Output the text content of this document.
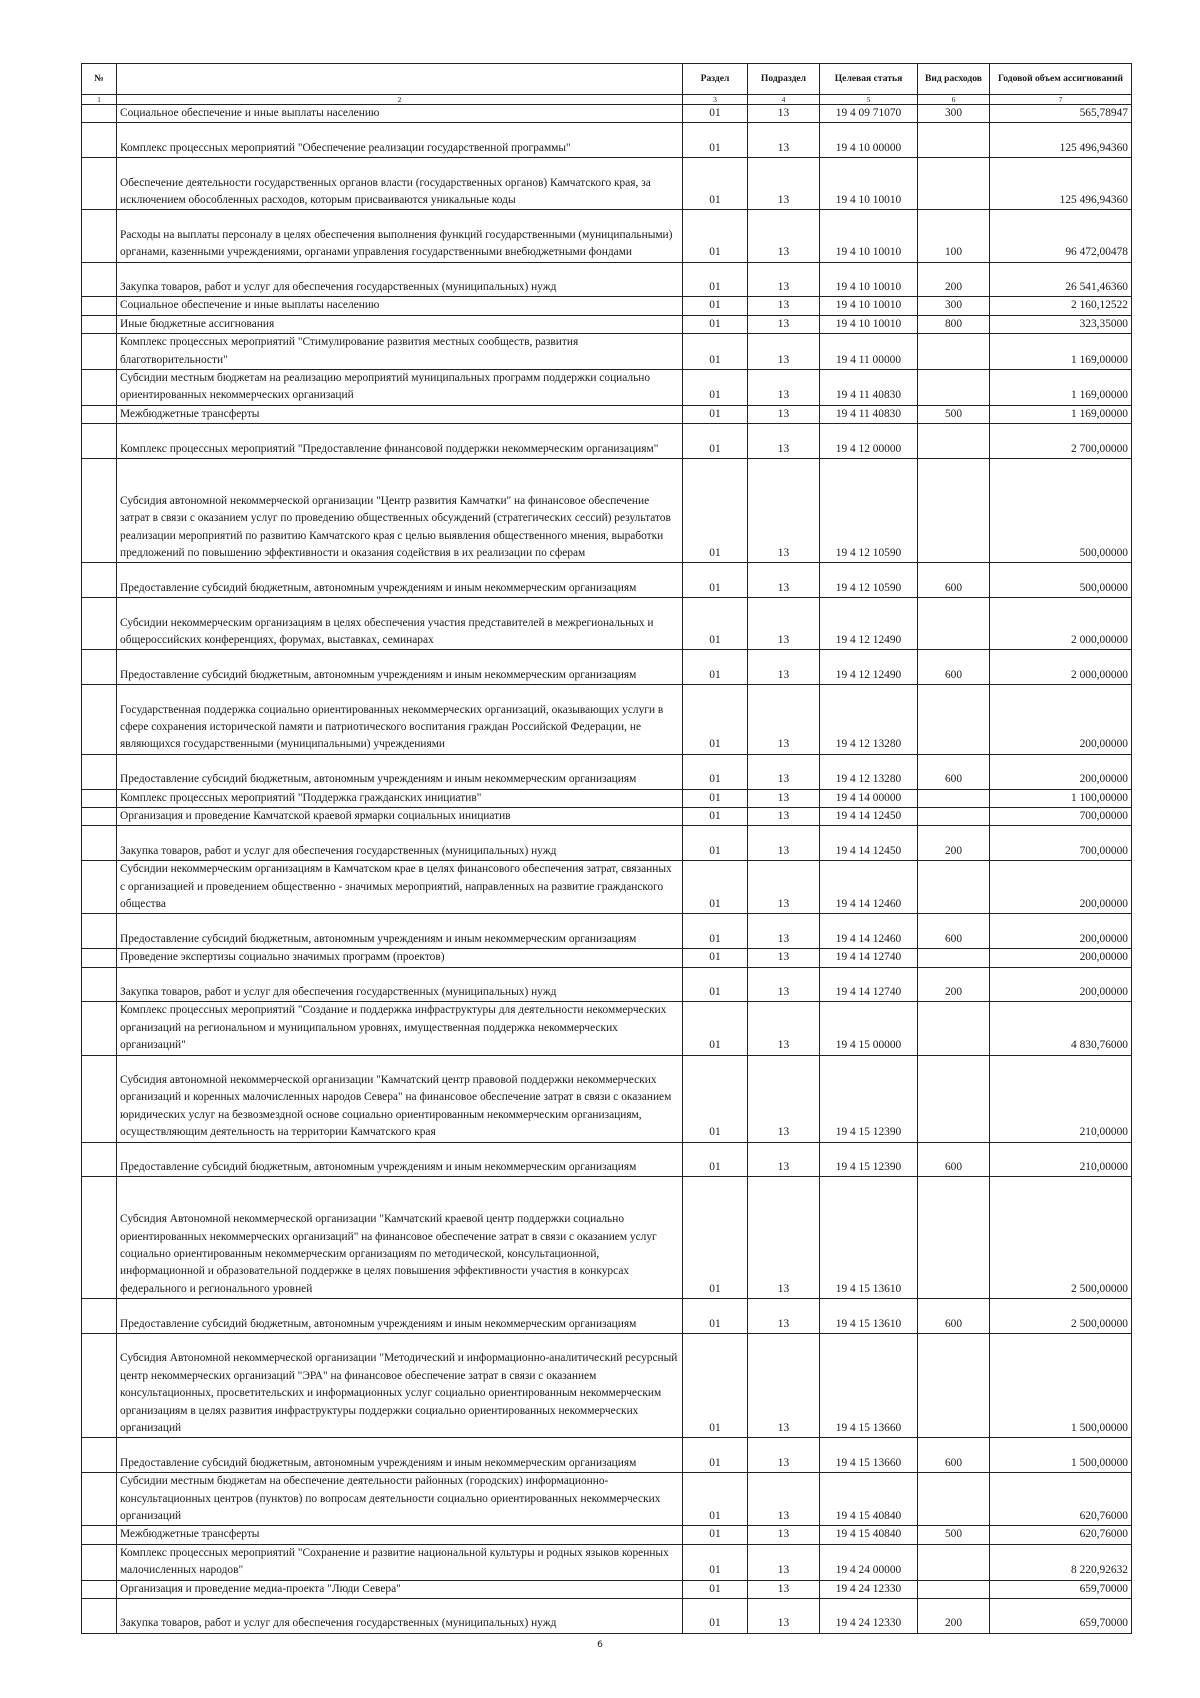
№		Раздел	Подраздел	Целевая статья	Вид расходов	Годовой объем ассигнований
1	2	3	4	5	6	7
	Социальное обеспечение и иные выплаты населению	01	13	19 4 09 71070	300	565,78947
	Комплекс процессных мероприятий "Обеспечение реализации государственной программы"	01	13	19 4 10 00000		125 496,94360
	Обеспечение деятельности государственных органов власти (государственных органов) Камчатского края, за исключением обособленных расходов, которым присваиваются уникальные коды	01	13	19 4 10 10010		125 496,94360
	Расходы на выплаты персоналу в целях обеспечения выполнения функций государственными (муниципальными) органами, казенными учреждениями, органами управления государственными внебюджетными фондами	01	13	19 4 10 10010	100	96 472,00478
	Закупка товаров, работ и услуг для обеспечения государственных (муниципальных) нужд	01	13	19 4 10 10010	200	26 541,46360
	Социальное обеспечение и иные выплаты населению	01	13	19 4 10 10010	300	2 160,12522
	Иные бюджетные ассигнования	01	13	19 4 10 10010	800	323,35000
	Комплекс процессных мероприятий "Стимулирование развития местных сообществ, развития благотворительности"	01	13	19 4 11 00000		1 169,00000
	Субсидии местным бюджетам на реализацию мероприятий муниципальных программ поддержки социально ориентированных некоммерческих организаций	01	13	19 4 11 40830		1 169,00000
	Межбюджетные трансферты	01	13	19 4 11 40830	500	1 169,00000
	Комплекс процессных мероприятий "Предоставление финансовой поддержки некоммерческим организациям"	01	13	19 4 12 00000		2 700,00000
	Субсидия автономной некоммерческой организации "Центр развития Камчатки" на финансовое обеспечение затрат в связи с оказанием услуг по проведению общественных обсуждений (стратегических сессий) результатов реализации мероприятий по развитию Камчатского края с целью выявления общественного мнения, выработки предложений по повышению эффективности и оказания содействия в их реализации по сферам	01	13	19 4 12 10590		500,00000
	Предоставление субсидий бюджетным, автономным учреждениям и иным некоммерческим организациям	01	13	19 4 12 10590	600	500,00000
	Субсидии некоммерческим организациям в целях обеспечения участия представителей в межрегиональных и общероссийских конференциях, форумах, выставках, семинарах	01	13	19 4 12 12490		2 000,00000
	Предоставление субсидий бюджетным, автономным учреждениям и иным некоммерческим организациям	01	13	19 4 12 12490	600	2 000,00000
	Государственная поддержка социально ориентированных некоммерческих организаций, оказывающих услуги в сфере сохранения исторической памяти и патриотического воспитания граждан Российской Федерации, не являющихся государственными (муниципальными) учреждениями	01	13	19 4 12 13280		200,00000
	Предоставление субсидий бюджетным, автономным учреждениям и иным некоммерческим организациям	01	13	19 4 12 13280	600	200,00000
	Комплекс процессных мероприятий "Поддержка гражданских инициатив"	01	13	19 4 14 00000		1 100,00000
	Организация и проведение Камчатской краевой ярмарки социальных инициатив	01	13	19 4 14 12450		700,00000
	Закупка товаров, работ и услуг для обеспечения государственных (муниципальных) нужд	01	13	19 4 14 12450	200	700,00000
	Субсидии некоммерческим организациям в Камчатском крае в целях финансового обеспечения затрат, связанных с организацией и проведением общественно - значимых мероприятий, направленных на развитие гражданского общества	01	13	19 4 14 12460		200,00000
	Предоставление субсидий бюджетным, автономным учреждениям и иным некоммерческим организациям	01	13	19 4 14 12460	600	200,00000
	Проведение экспертизы социально значимых программ (проектов)	01	13	19 4 14 12740		200,00000
	Закупка товаров, работ и услуг для обеспечения государственных (муниципальных) нужд	01	13	19 4 14 12740	200	200,00000
	Комплекс процессных мероприятий "Создание и поддержка инфраструктуры для деятельности некоммерческих организаций на региональном и муниципальном уровнях, имущественная поддержка некоммерческих организаций"	01	13	19 4 15 00000		4 830,76000
	Субсидия автономной некоммерческой организации "Камчатский центр правовой поддержки некоммерческих организаций и коренных малочисленных народов Севера" на финансовое обеспечение затрат в связи с оказанием юридических услуг на безвозмездной основе социально ориентированным некоммерческим организациям, осуществляющим деятельность на территории Камчатского края	01	13	19 4 15 12390		210,00000
	Предоставление субсидий бюджетным, автономным учреждениям и иным некоммерческим организациям	01	13	19 4 15 12390	600	210,00000
	Субсидия Автономной некоммерческой организации "Камчатский краевой центр поддержки социально ориентированных некоммерческих организаций" на финансовое обеспечение затрат в связи с оказанием услуг социально ориентированным некоммерческим организациям по методической, консультационной, информационной и образовательной поддержке в целях повышения эффективности участия в конкурсах федерального и регионального уровней	01	13	19 4 15 13610		2 500,00000
	Предоставление субсидий бюджетным, автономным учреждениям и иным некоммерческим организациям	01	13	19 4 15 13610	600	2 500,00000
	Субсидия Автономной некоммерческой организации "Методический и информационно-аналитический ресурсный центр некоммерческих организаций "ЭРА" на финансовое обеспечение затрат в связи с оказанием консультационных, просветительских и информационных услуг социально ориентированным некоммерческим организациям в целях развития инфраструктуры поддержки социально ориентированных некоммерческих организаций	01	13	19 4 15 13660		1 500,00000
	Предоставление субсидий бюджетным, автономным учреждениям и иным некоммерческим организациям	01	13	19 4 15 13660	600	1 500,00000
	Субсидии местным бюджетам на обеспечение деятельности районных (городских) информационно-консультационных центров (пунктов) по вопросам деятельности социально ориентированных некоммерческих организаций	01	13	19 4 15 40840		620,76000
	Межбюджетные трансферты	01	13	19 4 15 40840	500	620,76000
	Комплекс процессных мероприятий "Сохранение и развитие национальной культуры и родных языков коренных малочисленных народов"	01	13	19 4 24 00000		8 220,92632
	Организация и проведение медиа-проекта "Люди Севера"	01	13	19 4 24 12330		659,70000
	Закупка товаров, работ и услуг для обеспечения государственных (муниципальных) нужд	01	13	19 4 24 12330	200	659,70000
6
